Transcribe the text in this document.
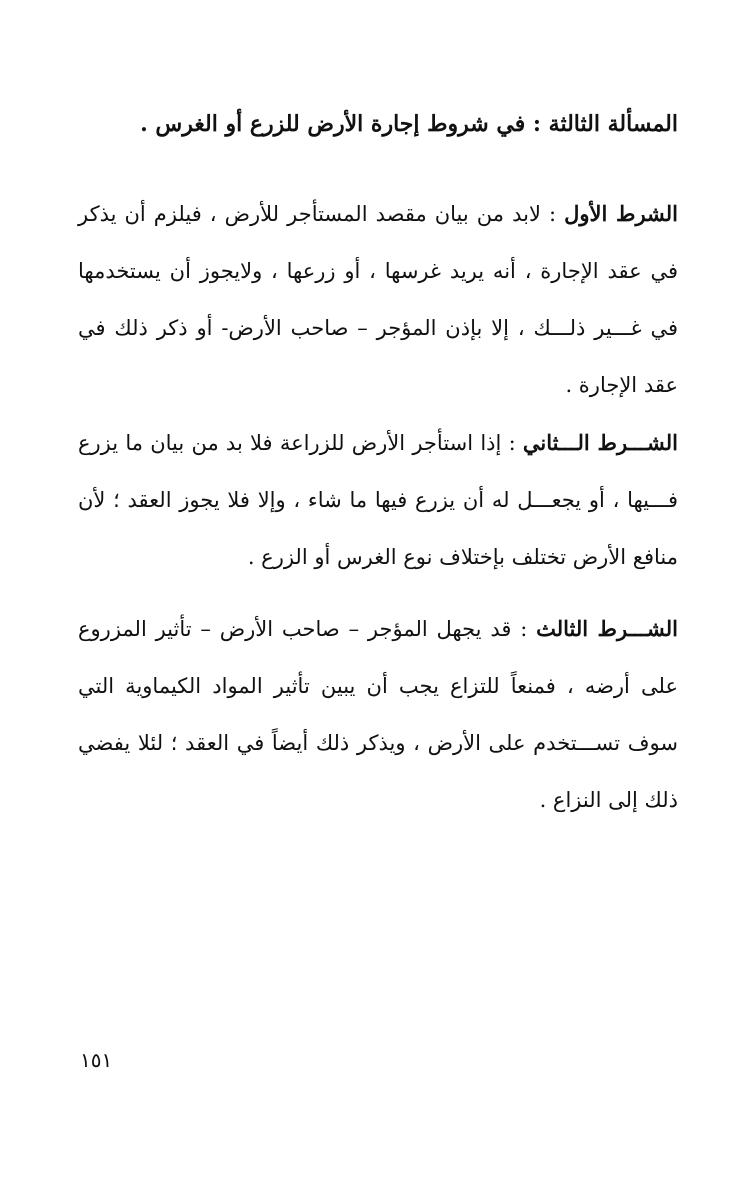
المسألة الثالثة : في شروط إجارة الأرض للزرع أو الغرس .
الشرط الأول : لابد من بيان مقصد المستأجر للأرض ، فيلزم أن يذكر في عقد الإجارة ، أنه يريد غرسها ، أو زرعها ، ولايجوز أن يستخدمها في غـــير ذلـــك ، إلا بإذن المؤجر – صاحب الأرض- أو ذكر ذلك في عقد الإجارة .
الشـــرط الـــثاني : إذا استأجر الأرض للزراعة فلا بد من بيان ما يزرع فـــيها ، أو يجعـــل له أن يزرع فيها ما شاء ، وإلا فلا يجوز العقد ؛ لأن منافع الأرض تختلف بإختلاف نوع الغرس أو الزرع .
الشـــرط الثالث : قد يجهل المؤجر – صاحب الأرض – تأثير المزروع على أرضه ، فمنعاً للتزاع يجب أن يبين تأثير المواد الكيماوية التي سوف تســـتخدم على الأرض ، ويذكر ذلك أيضاً في العقد ؛ لئلا يفضي ذلك إلى النزاع .
١٥١
